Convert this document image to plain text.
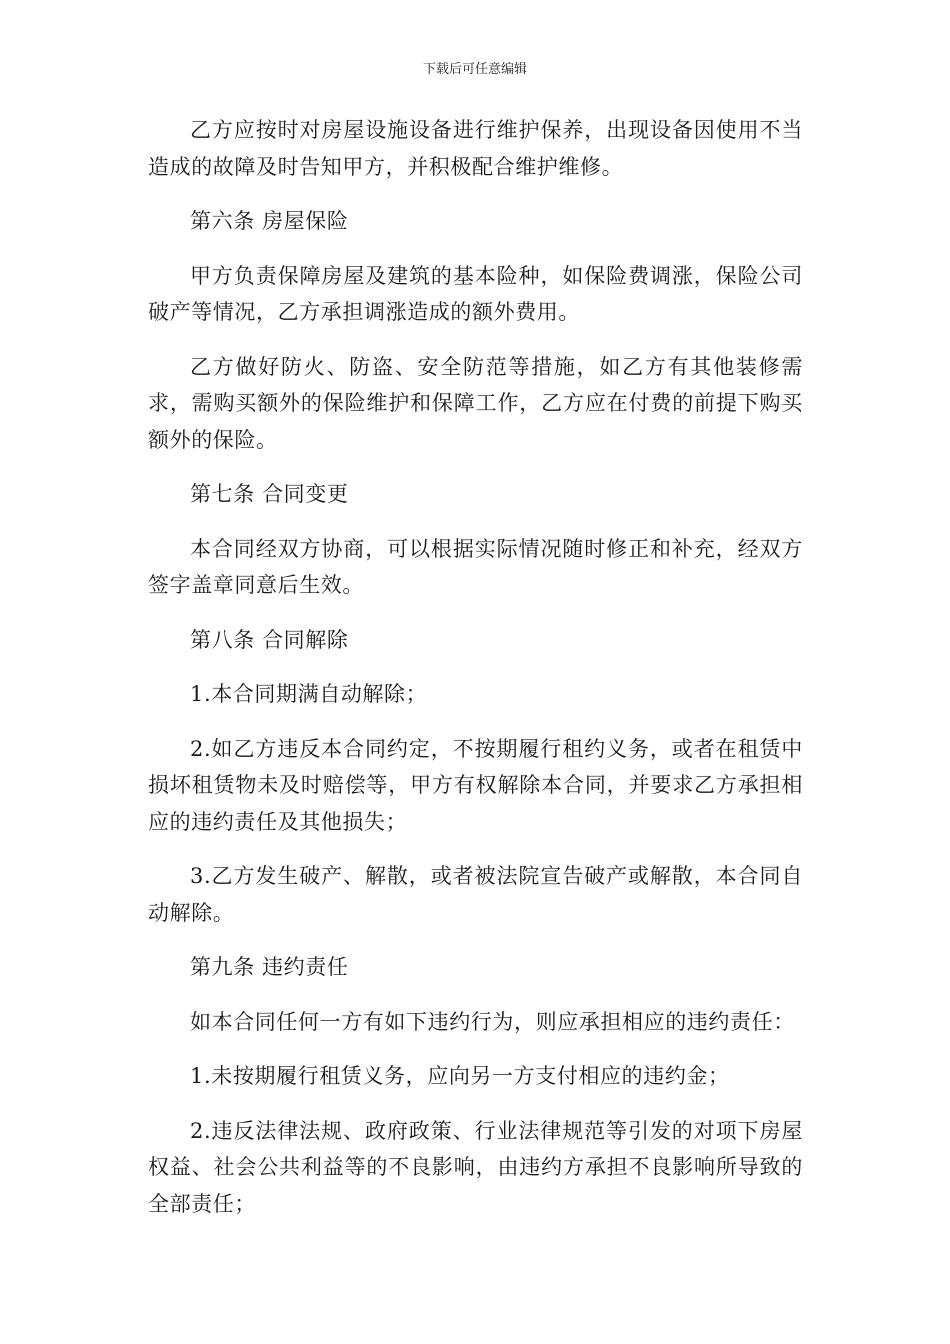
下载后可任意编辑

乙方应按时对房屋设施设备进行维护保养，出现设备因使用不当造成的故障及时告知甲方，并积极配合维护维修。

第六条 房屋保险

甲方负责保障房屋及建筑的基本险种，如保险费调涨，保险公司破产等情况，乙方承担调涨造成的额外费用。

乙方做好防火、防盗、安全防范等措施，如乙方有其他装修需求，需购买额外的保险维护和保障工作，乙方应在付费的前提下购买额外的保险。

第七条 合同变更

本合同经双方协商，可以根据实际情况随时修正和补充，经双方签字盖章同意后生效。

第八条 合同解除

1.本合同期满自动解除；

2.如乙方违反本合同约定，不按期履行租约义务，或者在租赁中损坏租赁物未及时赔偿等，甲方有权解除本合同，并要求乙方承担相应的违约责任及其他损失；

3.乙方发生破产、解散，或者被法院宣告破产或解散，本合同自动解除。

第九条 违约责任

如本合同任何一方有如下违约行为，则应承担相应的违约责任：

1.未按期履行租赁义务，应向另一方支付相应的违约金；

2.违反法律法规、政府政策、行业法律规范等引发的对项下房屋权益、社会公共利益等的不良影响，由违约方承担不良影响所导致的全部责任；
